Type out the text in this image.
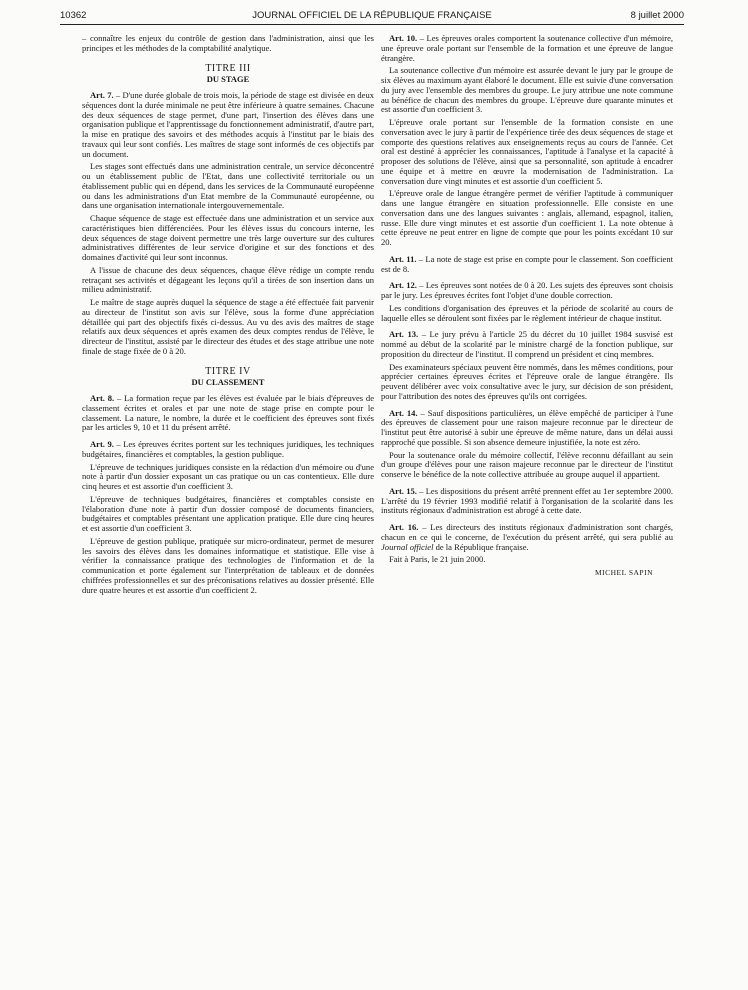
10362	JOURNAL OFFICIEL DE LA RÉPUBLIQUE FRANÇAISE	8 juillet 2000

– connaître les enjeux du contrôle de gestion dans l'administration, ainsi que les principes et les méthodes de la comptabilité analytique.

TITRE III
DU STAGE

Art. 7. – D'une durée globale de trois mois, la période de stage est divisée en deux séquences dont la durée minimale ne peut être inférieure à quatre semaines. Chacune des deux séquences de stage permet, d'une part, l'insertion des élèves dans une organisation publique et l'apprentissage du fonctionnement administratif, d'autre part, la mise en pratique des savoirs et des méthodes acquis à l'institut par le biais des travaux qui leur sont confiés. Les maîtres de stage sont informés de ces objectifs par un document.

Les stages sont effectués dans une administration centrale, un service déconcentré ou un établissement public de l'Etat, dans une collectivité territoriale ou un établissement public qui en dépend, dans les services de la Communauté européenne ou dans les administrations d'un Etat membre de la Communauté européenne, ou dans une organisation internationale intergouvernementale.

Chaque séquence de stage est effectuée dans une administration et un service aux caractéristiques bien différenciées. Pour les élèves issus du concours interne, les deux séquences de stage doivent permettre une très large ouverture sur des cultures administratives différentes de leur service d'origine et sur des fonctions et des domaines d'activité qui leur sont inconnus.

A l'issue de chacune des deux séquences, chaque élève rédige un compte rendu retraçant ses activités et dégageant les leçons qu'il a tirées de son insertion dans un milieu administratif.

Le maître de stage auprès duquel la séquence de stage a été effectuée fait parvenir au directeur de l'institut son avis sur l'élève, sous la forme d'une appréciation détaillée qui part des objectifs fixés ci-dessus. Au vu des avis des maîtres de stage relatifs aux deux séquences et après examen des deux comptes rendus de l'élève, le directeur de l'institut, assisté par le directeur des études et des stage attribue une note finale de stage fixée de 0 à 20.

TITRE IV
DU CLASSEMENT

Art. 8. – La formation reçue par les élèves est évaluée par le biais d'épreuves de classement écrites et orales et par une note de stage prise en compte pour le classement. La nature, le nombre, la durée et le coefficient des épreuves sont fixés par les articles 9, 10 et 11 du présent arrêté.

Art. 9. – Les épreuves écrites portent sur les techniques juridiques, les techniques budgétaires, financières et comptables, la gestion publique.

L'épreuve de techniques juridiques consiste en la rédaction d'un mémoire ou d'une note à partir d'un dossier exposant un cas pratique ou un cas contentieux. Elle dure cinq heures et est assortie d'un coefficient 3.

L'épreuve de techniques budgétaires, financières et comptables consiste en l'élaboration d'une note à partir d'un dossier composé de documents financiers, budgétaires et comptables présentant une application pratique. Elle dure cinq heures et est assortie d'un coefficient 3.

L'épreuve de gestion publique, pratiquée sur micro-ordinateur, permet de mesurer les savoirs des élèves dans les domaines informatique et statistique. Elle vise à vérifier la connaissance pratique des technologies de l'information et de la communication et porte également sur l'interprétation de tableaux et de données chiffrées professionnelles et sur des préconisations relatives au dossier présenté. Elle dure quatre heures et est assortie d'un coefficient 2.

Art. 10. – Les épreuves orales comportent la soutenance collective d'un mémoire, une épreuve orale portant sur l'ensemble de la formation et une épreuve de langue étrangère.

La soutenance collective d'un mémoire est assurée devant le jury par le groupe de six élèves au maximum ayant élaboré le document. Elle est suivie d'une conversation du jury avec l'ensemble des membres du groupe. Le jury attribue une note commune au bénéfice de chacun des membres du groupe. L'épreuve dure quarante minutes et est assortie d'un coefficient 3.

L'épreuve orale portant sur l'ensemble de la formation consiste en une conversation avec le jury à partir de l'expérience tirée des deux séquences de stage et comporte des questions relatives aux enseignements reçus au cours de l'année. Cet oral est destiné à apprécier les connaissances, l'aptitude à l'analyse et la capacité à proposer des solutions de l'élève, ainsi que sa personnalité, son aptitude à encadrer une équipe et à mettre en œuvre la modernisation de l'administration. La conversation dure vingt minutes et est assortie d'un coefficient 5.

L'épreuve orale de langue étrangère permet de vérifier l'aptitude à communiquer dans une langue étrangère en situation professionnelle. Elle consiste en une conversation dans une des langues suivantes : anglais, allemand, espagnol, italien, russe. Elle dure vingt minutes et est assortie d'un coefficient 1. La note obtenue à cette épreuve ne peut entrer en ligne de compte que pour les points excédant 10 sur 20.

Art. 11. – La note de stage est prise en compte pour le classement. Son coefficient est de 8.

Art. 12. – Les épreuves sont notées de 0 à 20. Les sujets des épreuves sont choisis par le jury. Les épreuves écrites font l'objet d'une double correction.

Les conditions d'organisation des épreuves et la période de scolarité au cours de laquelle elles se déroulent sont fixées par le règlement intérieur de chaque institut.

Art. 13. – Le jury prévu à l'article 25 du décret du 10 juillet 1984 susvisé est nommé au début de la scolarité par le ministre chargé de la fonction publique, sur proposition du directeur de l'institut. Il comprend un président et cinq membres.

Des examinateurs spéciaux peuvent être nommés, dans les mêmes conditions, pour apprécier certaines épreuves écrites et l'épreuve orale de langue étrangère. Ils peuvent délibérer avec voix consultative avec le jury, sur décision de son président, pour l'attribution des notes des épreuves qu'ils ont corrigées.

Art. 14. – Sauf dispositions particulières, un élève empêché de participer à l'une des épreuves de classement pour une raison majeure reconnue par le directeur de l'institut peut être autorisé à subir une épreuve de même nature, dans un délai aussi rapproché que possible. Si son absence demeure injustifiée, la note est zéro.

Pour la soutenance orale du mémoire collectif, l'élève reconnu défaillant au sein d'un groupe d'élèves pour une raison majeure reconnue par le directeur de l'institut conserve le bénéfice de la note collective attribuée au groupe auquel il appartient.

Art. 15. – Les dispositions du présent arrêté prennent effet au 1er septembre 2000. L'arrêté du 19 février 1993 modifié relatif à l'organisation de la scolarité dans les instituts régionaux d'administration est abrogé à cette date.

Art. 16. – Les directeurs des instituts régionaux d'administration sont chargés, chacun en ce qui le concerne, de l'exécution du présent arrêté, qui sera publié au Journal officiel de la République française.

Fait à Paris, le 21 juin 2000.

MICHEL SAPIN
